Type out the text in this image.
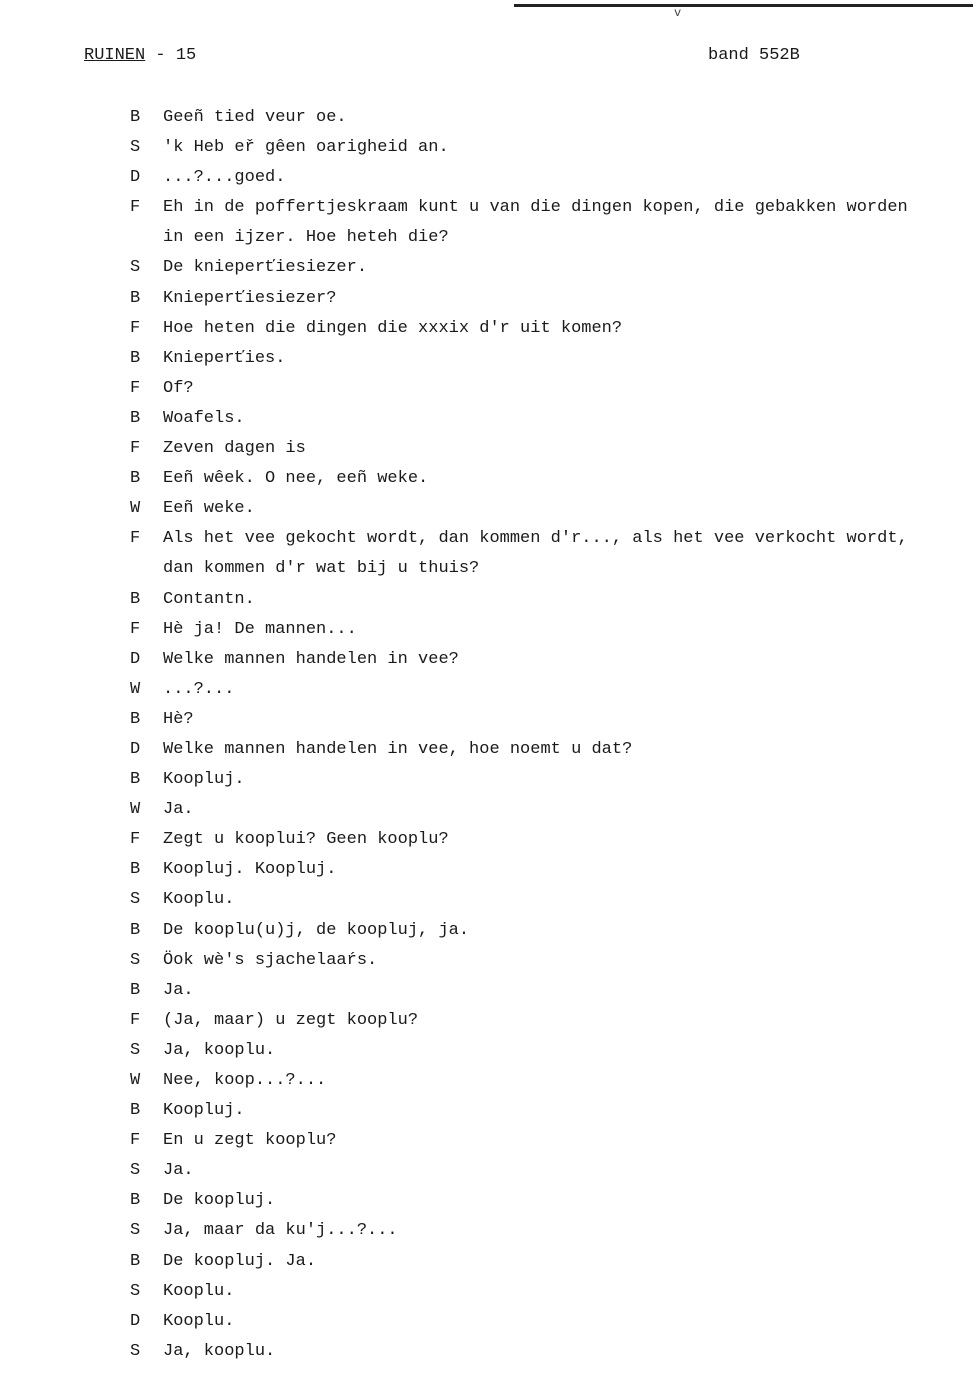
v
RUINEN - 15	band 552B
B	Geeñ tied veur oe.
S	'k Heb eř gêen oarigheid an.
D	...?...goed.
F	Eh in de poffertjeskraam kunt u van die dingen kopen, die gebakken worden
in een ijzer. Hoe heteh die?
S	De knieperťiesiezer.
B	Knieperťiesiezer?
F	Hoe heten die dingen die xxxix d'r uit komen?
B	Knieperťies.
F	Of?
B	Woafels.
F	Zeven dagen is
B	Eeñ wêek. O nee, eeñ weke.
W	Eeñ weke.
F	Als het vee gekocht wordt, dan kommen d'r..., als het vee verkocht wordt,
dan kommen d'r wat bij u thuis?
B	Contantn.
F	Hè ja! De mannen...
D	Welke mannen handelen in vee?
W	...?...
B	Hè?
D	Welke mannen handelen in vee, hoe noemt u dat?
B	Koopluj.
W	Ja.
F	Zegt u kooplui? Geen kooplu?
B	Koopluj. Koopluj.
S	Kooplu.
B	De kooplu(u)j, de koopluj, ja.
S	Öok wè's sjachelaaŕs.
B	Ja.
F	(Ja, maar) u zegt kooplu?
S	Ja, kooplu.
W	Nee, koop...?...
B	Koopluj.
F	En u zegt kooplu?
S	Ja.
B	De koopluj.
S	Ja, maar da ku'j...?...
B	De koopluj. Ja.
S	Kooplu.
D	Kooplu.
S	Ja, kooplu.
